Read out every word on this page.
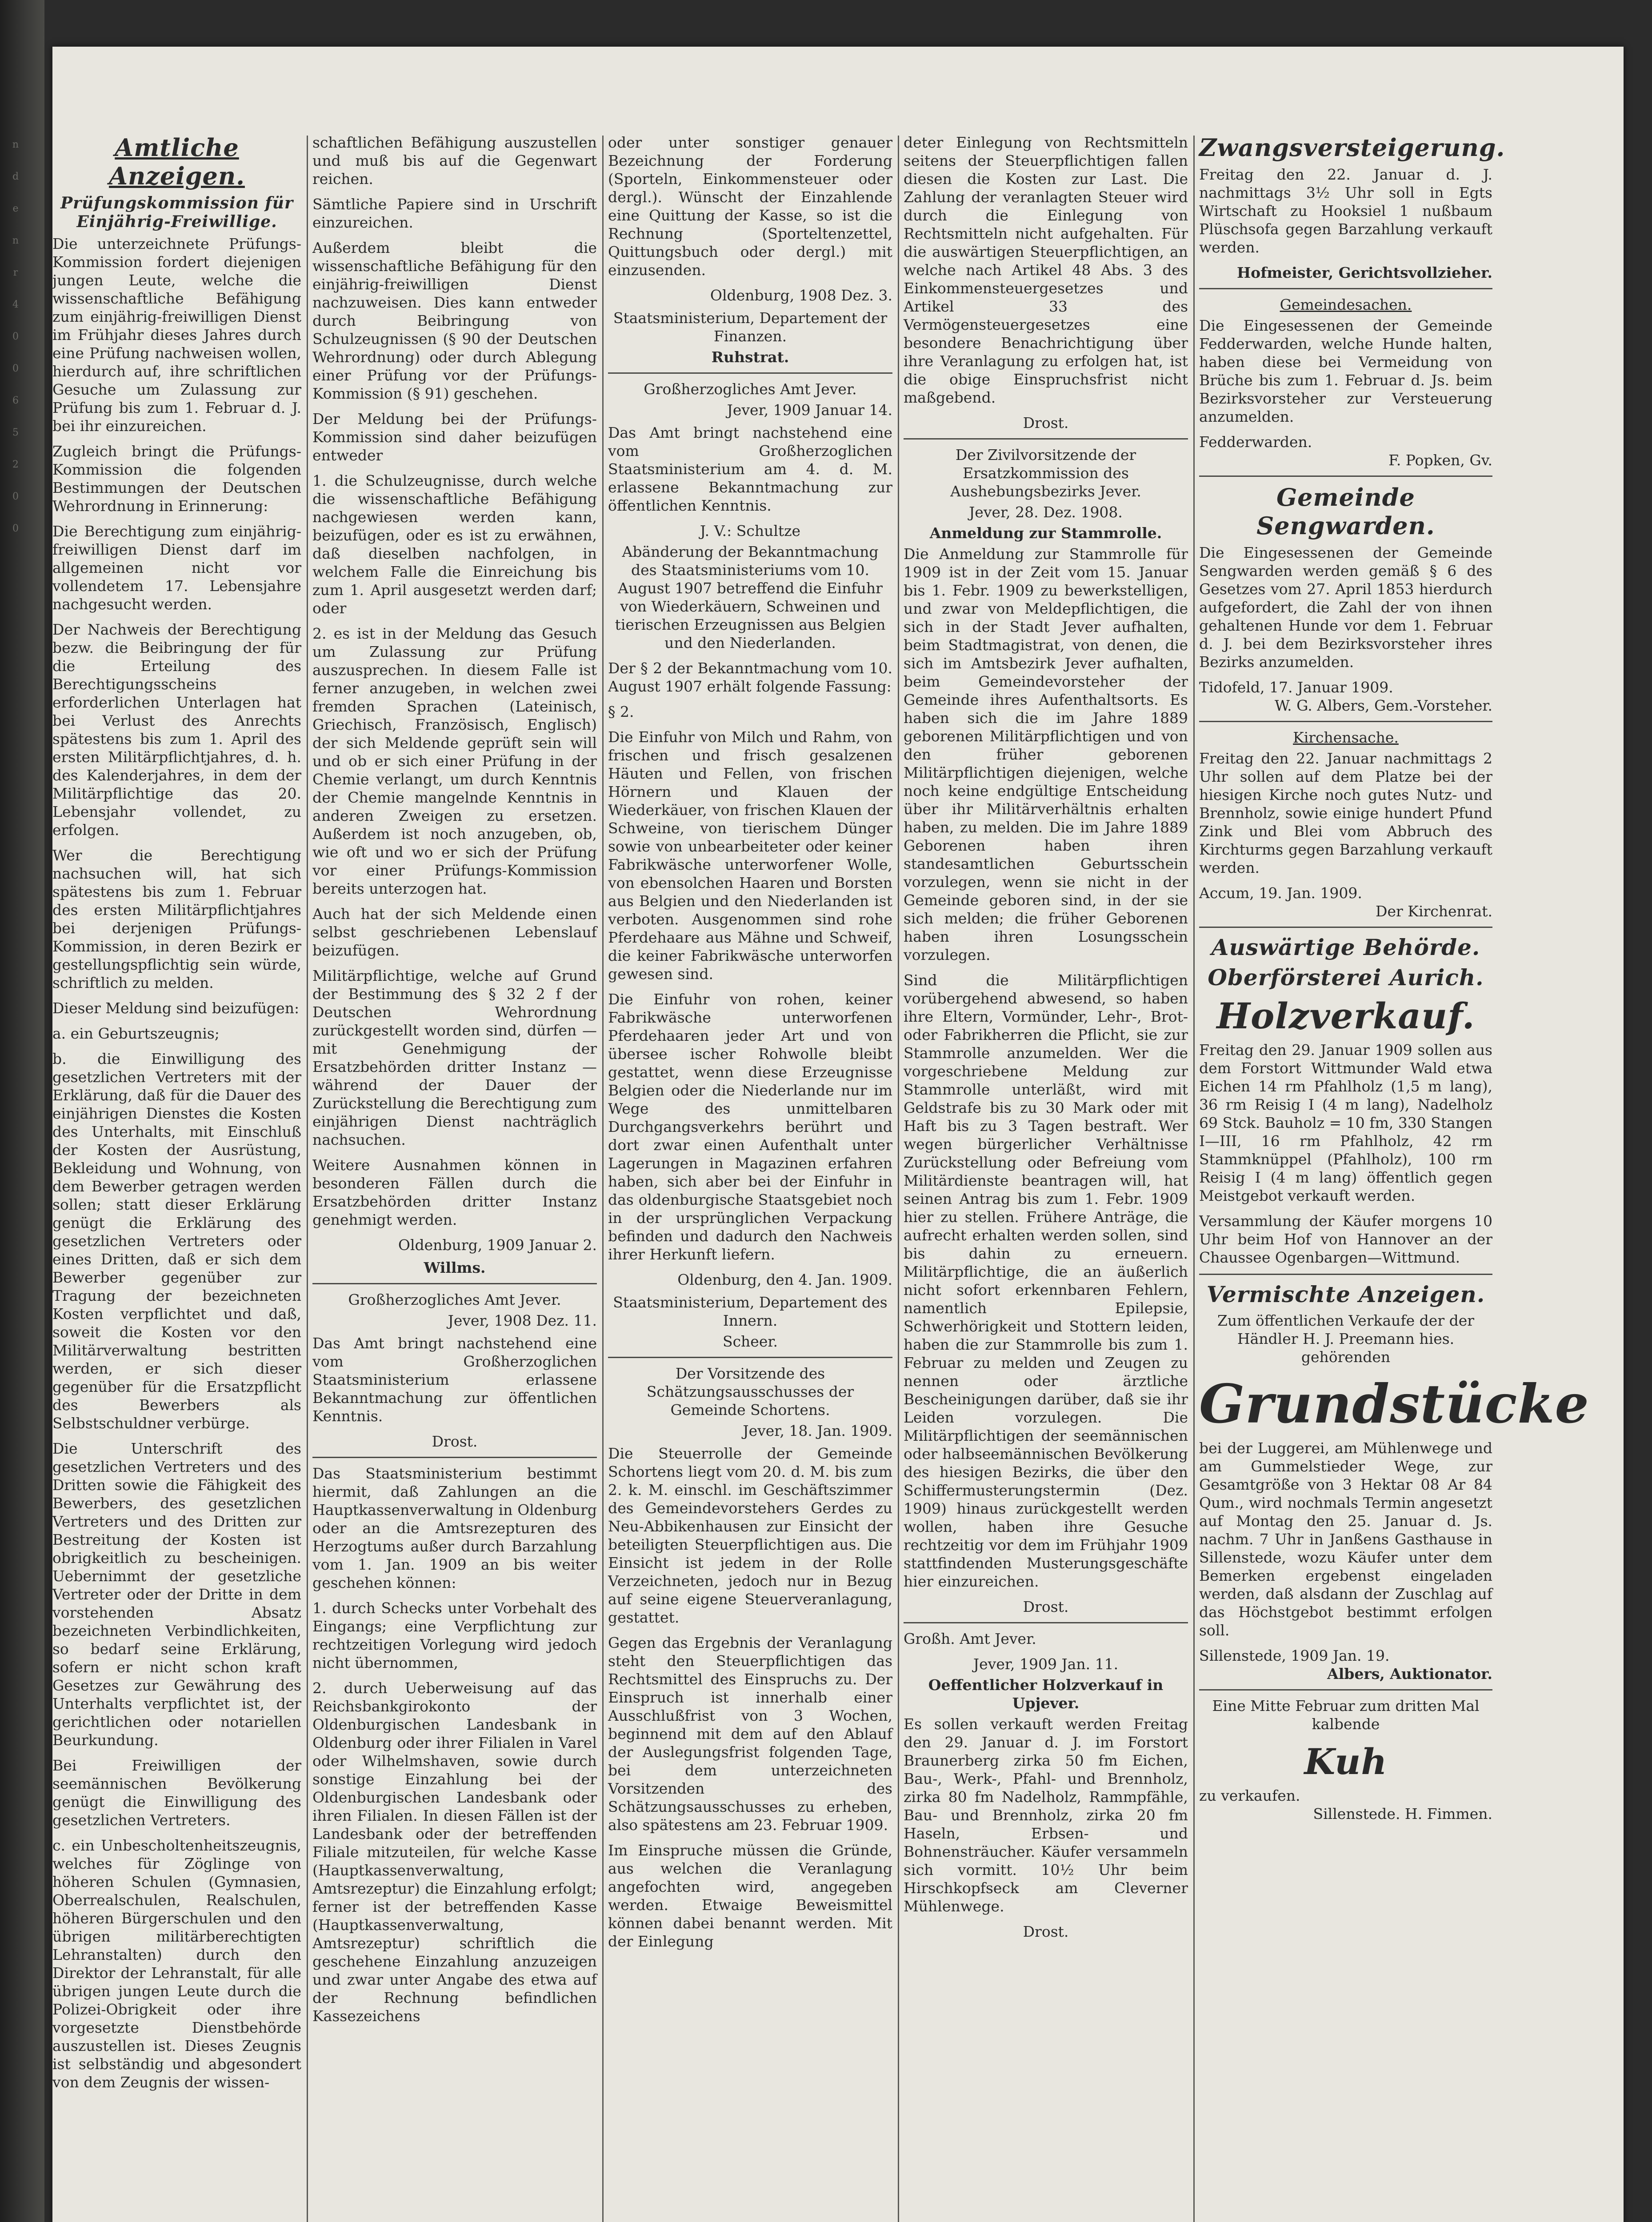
n
d
e
n
r
4
0
0
6
5
2
0
0
Amtliche Anzeigen.
Prüfungskommission für Einjährig-Freiwillige.
Die unterzeichnete Prüfungs-Kommission fordert diejenigen jungen Leute, welche die wissenschaftliche Befähigung zum einjährig-freiwilligen Dienst im Frühjahr dieses Jahres durch eine Prüfung nachweisen wollen, hierdurch auf, ihre schriftlichen Gesuche um Zulassung zur Prüfung bis zum 1. Februar d. J. bei ihr einzureichen.
Zugleich bringt die Prüfungs-Kommission die folgenden Bestimmungen der Deutschen Wehrordnung in Erinnerung:
Die Berechtigung zum einjährig-freiwilligen Dienst darf im allgemeinen nicht vor vollendetem 17. Lebensjahre nachgesucht werden.
Der Nachweis der Berechtigung bezw. die Beibringung der für die Erteilung des Berechtigungsscheins erforderlichen Unterlagen hat bei Verlust des Anrechts spätestens bis zum 1. April des ersten Militärpflichtjahres, d. h. des Kalenderjahres, in dem der Militärpflichtige das 20. Lebensjahr vollendet, zu erfolgen.
Wer die Berechtigung nachsuchen will, hat sich spätestens bis zum 1. Februar des ersten Militärpflichtjahres bei derjenigen Prüfungs-Kommission, in deren Bezirk er gestellungspflichtig sein würde, schriftlich zu melden.
Dieser Meldung sind beizufügen:
a. ein Geburtszeugnis;
b. die Einwilligung des gesetzlichen Vertreters mit der Erklärung, daß für die Dauer des einjährigen Dienstes die Kosten des Unterhalts, mit Einschluß der Kosten der Ausrüstung, Bekleidung und Wohnung, von dem Bewerber getragen werden sollen; statt dieser Erklärung genügt die Erklärung des gesetzlichen Vertreters oder eines Dritten, daß er sich dem Bewerber gegenüber zur Tragung der bezeichneten Kosten verpflichtet und daß, soweit die Kosten vor den Militärverwaltung bestritten werden, er sich dieser gegenüber für die Ersatzpflicht des Bewerbers als Selbstschuldner verbürge.
Die Unterschrift des gesetzlichen Vertreters und des Dritten sowie die Fähigkeit des Bewerbers, des gesetzlichen Vertreters und des Dritten zur Bestreitung der Kosten ist obrigkeitlich zu bescheinigen. Uebernimmt der gesetzliche Vertreter oder der Dritte in dem vorstehenden Absatz bezeichneten Verbindlichkeiten, so bedarf seine Erklärung, sofern er nicht schon kraft Gesetzes zur Gewährung des Unterhalts verpflichtet ist, der gerichtlichen oder notariellen Beurkundung.
Bei Freiwilligen der seemännischen Bevölkerung genügt die Einwilligung des gesetzlichen Vertreters.
c. ein Unbescholtenheitszeugnis, welches für Zöglinge von höheren Schulen (Gymnasien, Oberrealschulen, Realschulen, höheren Bürgerschulen und den übrigen militärberechtigten Lehranstalten) durch den Direktor der Lehranstalt, für alle übrigen jungen Leute durch die Polizei-Obrigkeit oder ihre vorgesetzte Dienstbehörde auszustellen ist. Dieses Zeugnis ist selbständig und abgesondert von dem Zeugnis der wissen-
schaftlichen Befähigung auszustellen und muß bis auf die Gegenwart reichen.
Sämtliche Papiere sind in Urschrift einzureichen.
Außerdem bleibt die wissenschaftliche Befähigung für den einjährig-freiwilligen Dienst nachzuweisen. Dies kann entweder durch Beibringung von Schulzeugnissen (§ 90 der Deutschen Wehrordnung) oder durch Ablegung einer Prüfung vor der Prüfungs-Kommission (§ 91) geschehen.
Der Meldung bei der Prüfungs-Kommission sind daher beizufügen entweder
1. die Schulzeugnisse, durch welche die wissenschaftliche Befähigung nachgewiesen werden kann, beizufügen, oder es ist zu erwähnen, daß dieselben nachfolgen, in welchem Falle die Einreichung bis zum 1. April ausgesetzt werden darf; oder
2. es ist in der Meldung das Gesuch um Zulassung zur Prüfung auszusprechen. In diesem Falle ist ferner anzugeben, in welchen zwei fremden Sprachen (Lateinisch, Griechisch, Französisch, Englisch) der sich Meldende geprüft sein will und ob er sich einer Prüfung in der Chemie verlangt, um durch Kenntnis der Chemie mangelnde Kenntnis in anderen Zweigen zu ersetzen. Außerdem ist noch anzugeben, ob, wie oft und wo er sich der Prüfung vor einer Prüfungs-Kommission bereits unterzogen hat.
Auch hat der sich Meldende einen selbst geschriebenen Lebenslauf beizufügen.
Militärpflichtige, welche auf Grund der Bestimmung des § 32 2 f der Deutschen Wehrordnung zurückgestellt worden sind, dürfen — mit Genehmigung der Ersatzbehörden dritter Instanz — während der Dauer der Zurückstellung die Berechtigung zum einjährigen Dienst nachträglich nachsuchen.
Weitere Ausnahmen können in besonderen Fällen durch die Ersatzbehörden dritter Instanz genehmigt werden.
Oldenburg, 1909 Januar 2.
Willms.
Großherzogliches Amt Jever.
Jever, 1908 Dez. 11.
Das Amt bringt nachstehend eine vom Großherzoglichen Staatsministerium erlassene Bekanntmachung zur öffentlichen Kenntnis.
Drost.
Das Staatsministerium bestimmt hiermit, daß Zahlungen an die Hauptkassenverwaltung in Oldenburg oder an die Amtsrezepturen des Herzogtums außer durch Barzahlung vom 1. Jan. 1909 an bis weiter geschehen können:
1. durch Schecks unter Vorbehalt des Eingangs; eine Verpflichtung zur rechtzeitigen Vorlegung wird jedoch nicht übernommen,
2. durch Ueberweisung auf das Reichsbankgirokonto der Oldenburgischen Landesbank in Oldenburg oder ihrer Filialen in Varel oder Wilhelmshaven, sowie durch sonstige Einzahlung bei der Oldenburgischen Landesbank oder ihren Filialen. In diesen Fällen ist der Landesbank oder der betreffenden Filiale mitzuteilen, für welche Kasse (Hauptkassenverwaltung, Amtsrezeptur) die Einzahlung erfolgt; ferner ist der betreffenden Kasse (Hauptkassenverwaltung, Amtsrezeptur) schriftlich die geschehene Einzahlung anzuzeigen und zwar unter Angabe des etwa auf der Rechnung befindlichen Kassezeichens
oder unter sonstiger genauer Bezeichnung der Forderung (Sporteln, Einkommensteuer oder dergl.). Wünscht der Einzahlende eine Quittung der Kasse, so ist die Rechnung (Sporteltenzettel, Quittungsbuch oder dergl.) mit einzusenden.
Oldenburg, 1908 Dez. 3.
Staatsministerium, Departement der Finanzen.
Ruhstrat.
Großherzogliches Amt Jever.
Jever, 1909 Januar 14.
Das Amt bringt nachstehend eine vom Großherzoglichen Staatsministerium am 4. d. M. erlassene Bekanntmachung zur öffentlichen Kenntnis.
J. V.: Schultze
Abänderung der Bekanntmachung des Staatsministeriums vom 10. August 1907 betreffend die Einfuhr von Wiederkäuern, Schweinen und tierischen Erzeugnissen aus Belgien und den Niederlanden.
Der § 2 der Bekanntmachung vom 10. August 1907 erhält folgende Fassung:
§ 2.
Die Einfuhr von Milch und Rahm, von frischen und frisch gesalzenen Häuten und Fellen, von frischen Hörnern und Klauen der Wiederkäuer, von frischen Klauen der Schweine, von tierischem Dünger sowie von unbearbeiteter oder keiner Fabrikwäsche unterworfener Wolle, von ebensolchen Haaren und Borsten aus Belgien und den Niederlanden ist verboten. Ausgenommen sind rohe Pferdehaare aus Mähne und Schweif, die keiner Fabrikwäsche unterworfen gewesen sind.
Die Einfuhr von rohen, keiner Fabrikwäsche unterworfenen Pferdehaaren jeder Art und von übersee ischer Rohwolle bleibt gestattet, wenn diese Erzeugnisse Belgien oder die Niederlande nur im Wege des unmittelbaren Durchgangsverkehrs berührt und dort zwar einen Aufenthalt unter Lagerungen in Magazinen erfahren haben, sich aber bei der Einfuhr in das oldenburgische Staatsgebiet noch in der ursprünglichen Verpackung befinden und dadurch den Nachweis ihrer Herkunft liefern.
Oldenburg, den 4. Jan. 1909.
Staatsministerium, Departement des Innern.
Scheer.
Der Vorsitzende des Schätzungsausschusses der Gemeinde Schortens.
Jever, 18. Jan. 1909.
Die Steuerrolle der Gemeinde Schortens liegt vom 20. d. M. bis zum 2. k. M. einschl. im Geschäftszimmer des Gemeindevorstehers Gerdes zu Neu-Abbikenhausen zur Einsicht der beteiligten Steuerpflichtigen aus. Die Einsicht ist jedem in der Rolle Verzeichneten, jedoch nur in Bezug auf seine eigene Steuerveranlagung, gestattet.
Gegen das Ergebnis der Veranlagung steht den Steuerpflichtigen das Rechtsmittel des Einspruchs zu. Der Einspruch ist innerhalb einer Ausschlußfrist von 3 Wochen, beginnend mit dem auf den Ablauf der Auslegungsfrist folgenden Tage, bei dem unterzeichneten Vorsitzenden des Schätzungsausschusses zu erheben, also spätestens am 23. Februar 1909.
Im Einspruche müssen die Gründe, aus welchen die Veranlagung angefochten wird, angegeben werden. Etwaige Beweismittel können dabei benannt werden. Mit der Einlegung
deter Einlegung von Rechtsmitteln seitens der Steuerpflichtigen fallen diesen die Kosten zur Last. Die Zahlung der veranlagten Steuer wird durch die Einlegung von Rechtsmitteln nicht aufgehalten. Für die auswärtigen Steuerpflichtigen, an welche nach Artikel 48 Abs. 3 des Einkommensteuergesetzes und Artikel 33 des Vermögensteuergesetzes eine besondere Benachrichtigung über ihre Veranlagung zu erfolgen hat, ist die obige Einspruchsfrist nicht maßgebend.
Drost.
Der Zivilvorsitzende der Ersatzkommission des Aushebungsbezirks Jever.
Jever, 28. Dez. 1908.
Anmeldung zur Stammrolle.
Die Anmeldung zur Stammrolle für 1909 ist in der Zeit vom 15. Januar bis 1. Febr. 1909 zu bewerkstelligen, und zwar von Meldepflichtigen, die sich in der Stadt Jever aufhalten, beim Stadtmagistrat, von denen, die sich im Amtsbezirk Jever aufhalten, beim Gemeindevorsteher der Gemeinde ihres Aufenthaltsorts. Es haben sich die im Jahre 1889 geborenen Militärpflichtigen und von den früher geborenen Militärpflichtigen diejenigen, welche noch keine endgültige Entscheidung über ihr Militärverhältnis erhalten haben, zu melden. Die im Jahre 1889 Geborenen haben ihren standesamtlichen Geburtsschein vorzulegen, wenn sie nicht in der Gemeinde geboren sind, in der sie sich melden; die früher Geborenen haben ihren Losungsschein vorzulegen.
Sind die Militärpflichtigen vorübergehend abwesend, so haben ihre Eltern, Vormünder, Lehr-, Brot- oder Fabrikherren die Pflicht, sie zur Stammrolle anzumelden. Wer die vorgeschriebene Meldung zur Stammrolle unterläßt, wird mit Geldstrafe bis zu 30 Mark oder mit Haft bis zu 3 Tagen bestraft. Wer wegen bürgerlicher Verhältnisse Zurückstellung oder Befreiung vom Militärdienste beantragen will, hat seinen Antrag bis zum 1. Febr. 1909 hier zu stellen. Frühere Anträge, die aufrecht erhalten werden sollen, sind bis dahin zu erneuern. Militärpflichtige, die an äußerlich nicht sofort erkennbaren Fehlern, namentlich Epilepsie, Schwerhörigkeit und Stottern leiden, haben die zur Stammrolle bis zum 1. Februar zu melden und Zeugen zu nennen oder ärztliche Bescheinigungen darüber, daß sie ihr Leiden vorzulegen. Die Militärpflichtigen der seemännischen oder halbseemännischen Bevölkerung des hiesigen Bezirks, die über den Schiffermusterungstermin (Dez. 1909) hinaus zurückgestellt werden wollen, haben ihre Gesuche rechtzeitig vor dem im Frühjahr 1909 stattfindenden Musterungsgeschäfte hier einzureichen.
Drost.
Großh. Amt Jever.
Jever, 1909 Jan. 11.
Oeffentlicher Holzverkauf in Upjever.
Es sollen verkauft werden Freitag den 29. Januar d. J. im Forstort Braunerberg zirka 50 fm Eichen, Bau-, Werk-, Pfahl- und Brennholz, zirka 80 fm Nadelholz, Rammpfähle, Bau- und Brennholz, zirka 20 fm Haseln, Erbsen- und Bohnensträucher. Käufer versammeln sich vormitt. 10½ Uhr beim Hirschkopfseck am Cleverner Mühlenwege.
Drost.
Zwangsversteigerung.
Freitag den 22. Januar d. J. nachmittags 3½ Uhr soll in Egts Wirtschaft zu Hooksiel 1 nußbaum Plüschsofa gegen Barzahlung verkauft werden.
Hofmeister, Gerichtsvollzieher.
Gemeindesachen.
Die Eingesessenen der Gemeinde Fedderwarden, welche Hunde halten, haben diese bei Vermeidung von Brüche bis zum 1. Februar d. Js. beim Bezirksvorsteher zur Versteuerung anzumelden.
Fedderwarden.
F. Popken, Gv.
Gemeinde Sengwarden.
Die Eingesessenen der Gemeinde Sengwarden werden gemäß § 6 des Gesetzes vom 27. April 1853 hierdurch aufgefordert, die Zahl der von ihnen gehaltenen Hunde vor dem 1. Februar d. J. bei dem Bezirksvorsteher ihres Bezirks anzumelden.
Tidofeld, 17. Januar 1909.
W. G. Albers, Gem.-Vorsteher.
Kirchensache.
Freitag den 22. Januar nachmittags 2 Uhr sollen auf dem Platze bei der hiesigen Kirche noch gutes Nutz- und Brennholz, sowie einige hundert Pfund Zink und Blei vom Abbruch des Kirchturms gegen Barzahlung verkauft werden.
Accum, 19. Jan. 1909.
Der Kirchenrat.
Auswärtige Behörde.
Oberförsterei Aurich.
Holzverkauf.
Freitag den 29. Januar 1909 sollen aus dem Forstort Wittmunder Wald etwa Eichen 14 rm Pfahlholz (1,5 m lang), 36 rm Reisig I (4 m lang), Nadelholz 69 Stck. Bauholz = 10 fm, 330 Stangen I—III, 16 rm Pfahlholz, 42 rm Stammknüppel (Pfahlholz), 100 rm Reisig I (4 m lang) öffentlich gegen Meistgebot verkauft werden.
Versammlung der Käufer morgens 10 Uhr beim Hof von Hannover an der Chaussee Ogenbargen—Wittmund.
Vermischte Anzeigen.
Zum öffentlichen Verkaufe der der Händler H. J. Preemann hies. gehörenden
Grundstücke
bei der Luggerei, am Mühlenwege und am Gummelstieder Wege, zur Gesamtgröße von 3 Hektar 08 Ar 84 Qum., wird nochmals Termin angesetzt auf Montag den 25. Januar d. Js. nachm. 7 Uhr in Janßens Gasthause in Sillenstede, wozu Käufer unter dem Bemerken ergebenst eingeladen werden, daß alsdann der Zuschlag auf das Höchstgebot bestimmt erfolgen soll.
Sillenstede, 1909 Jan. 19.
Albers, Auktionator.
Eine Mitte Februar zum dritten Mal kalbende
Kuh
zu verkaufen.
Sillenstede. H. Fimmen.
